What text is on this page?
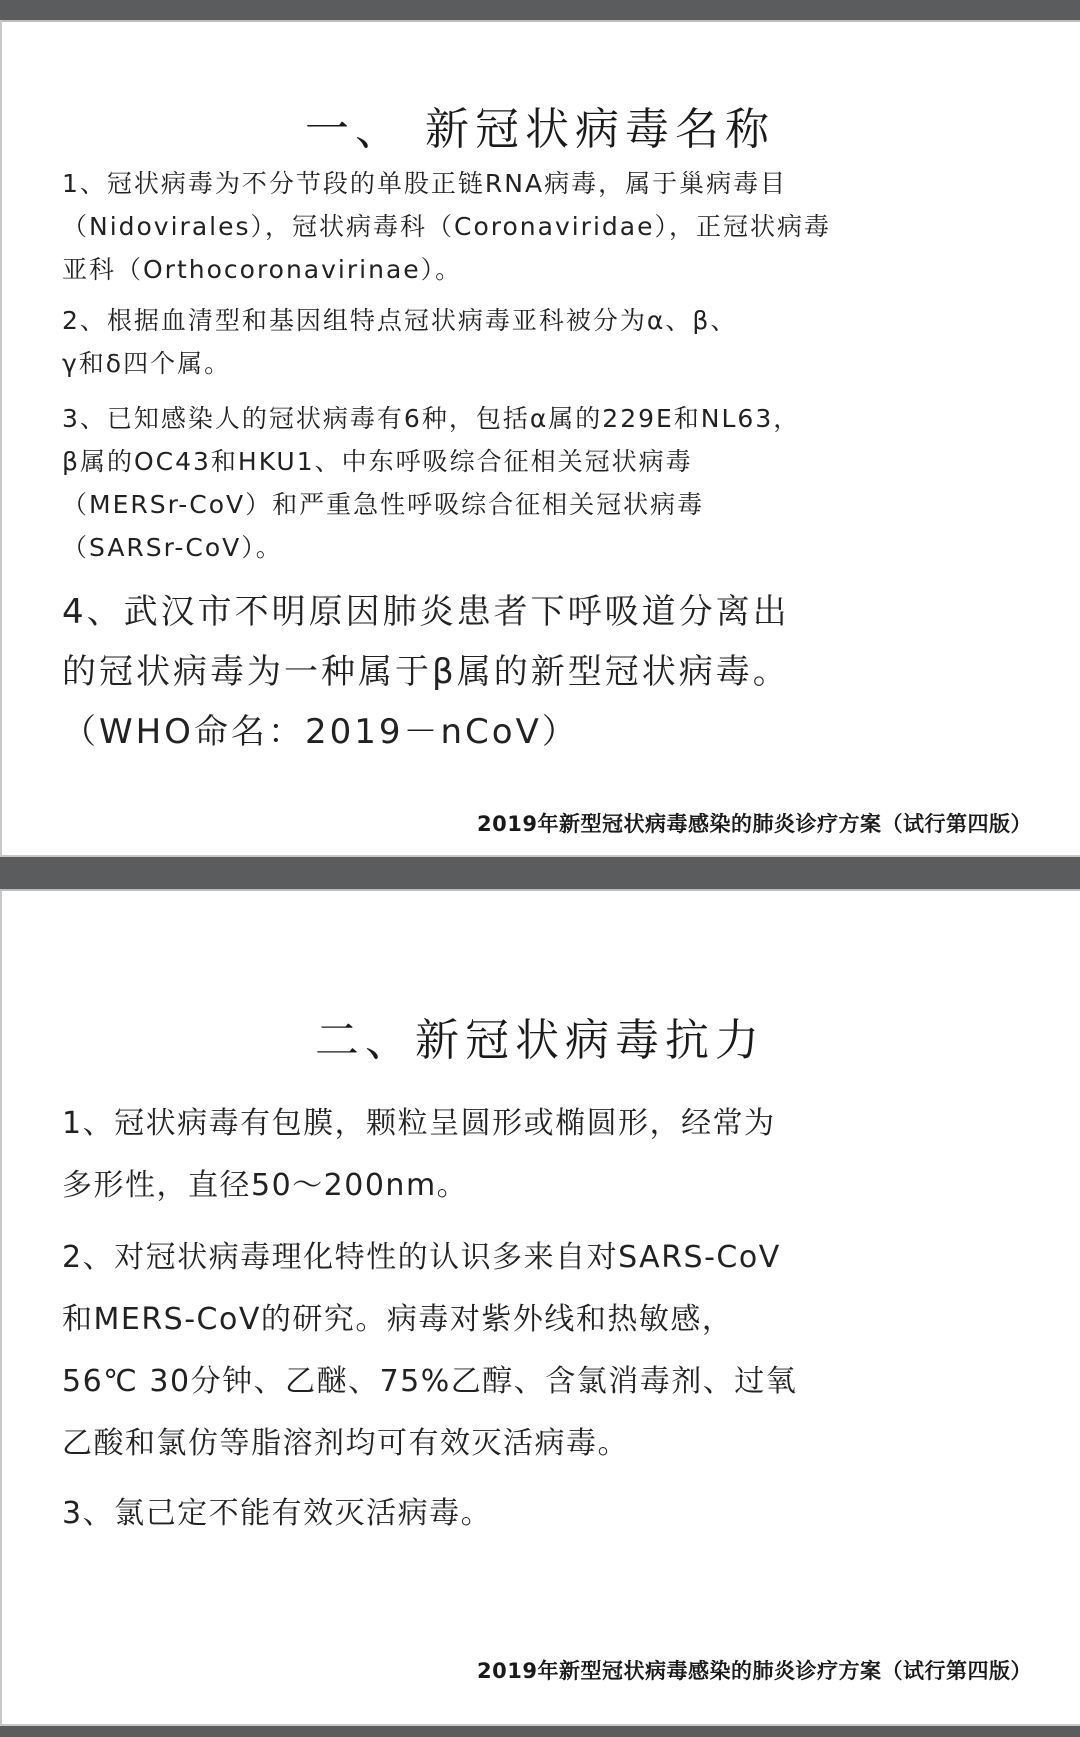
一、 新冠状病毒名称
1、冠状病毒为不分节段的单股正链RNA病毒，属于巢病毒目
（Nidovirales），冠状病毒科（Coronaviridae），正冠状病毒
亚科（Orthocoronavirinae）。
2、根据血清型和基因组特点冠状病毒亚科被分为α、β、
γ和δ四个属。
3、已知感染人的冠状病毒有6种，包括α属的229E和NL63，
β属的OC43和HKU1、中东呼吸综合征相关冠状病毒
（MERSr-CoV）和严重急性呼吸综合征相关冠状病毒
（SARSr-CoV）。
4、武汉市不明原因肺炎患者下呼吸道分离出
的冠状病毒为一种属于β属的新型冠状病毒。
（WHO命名：2019－nCoV）
2019年新型冠状病毒感染的肺炎诊疗方案（试行第四版）
二、新冠状病毒抗力
1、冠状病毒有包膜，颗粒呈圆形或椭圆形，经常为
多形性，直径50～200nm。
2、对冠状病毒理化特性的认识多来自对SARS-CoV
和MERS-CoV的研究。病毒对紫外线和热敏感，
56℃ 30分钟、乙醚、75%乙醇、含氯消毒剂、过氧
乙酸和氯仿等脂溶剂均可有效灭活病毒。
3、氯己定不能有效灭活病毒。
2019年新型冠状病毒感染的肺炎诊疗方案（试行第四版）
